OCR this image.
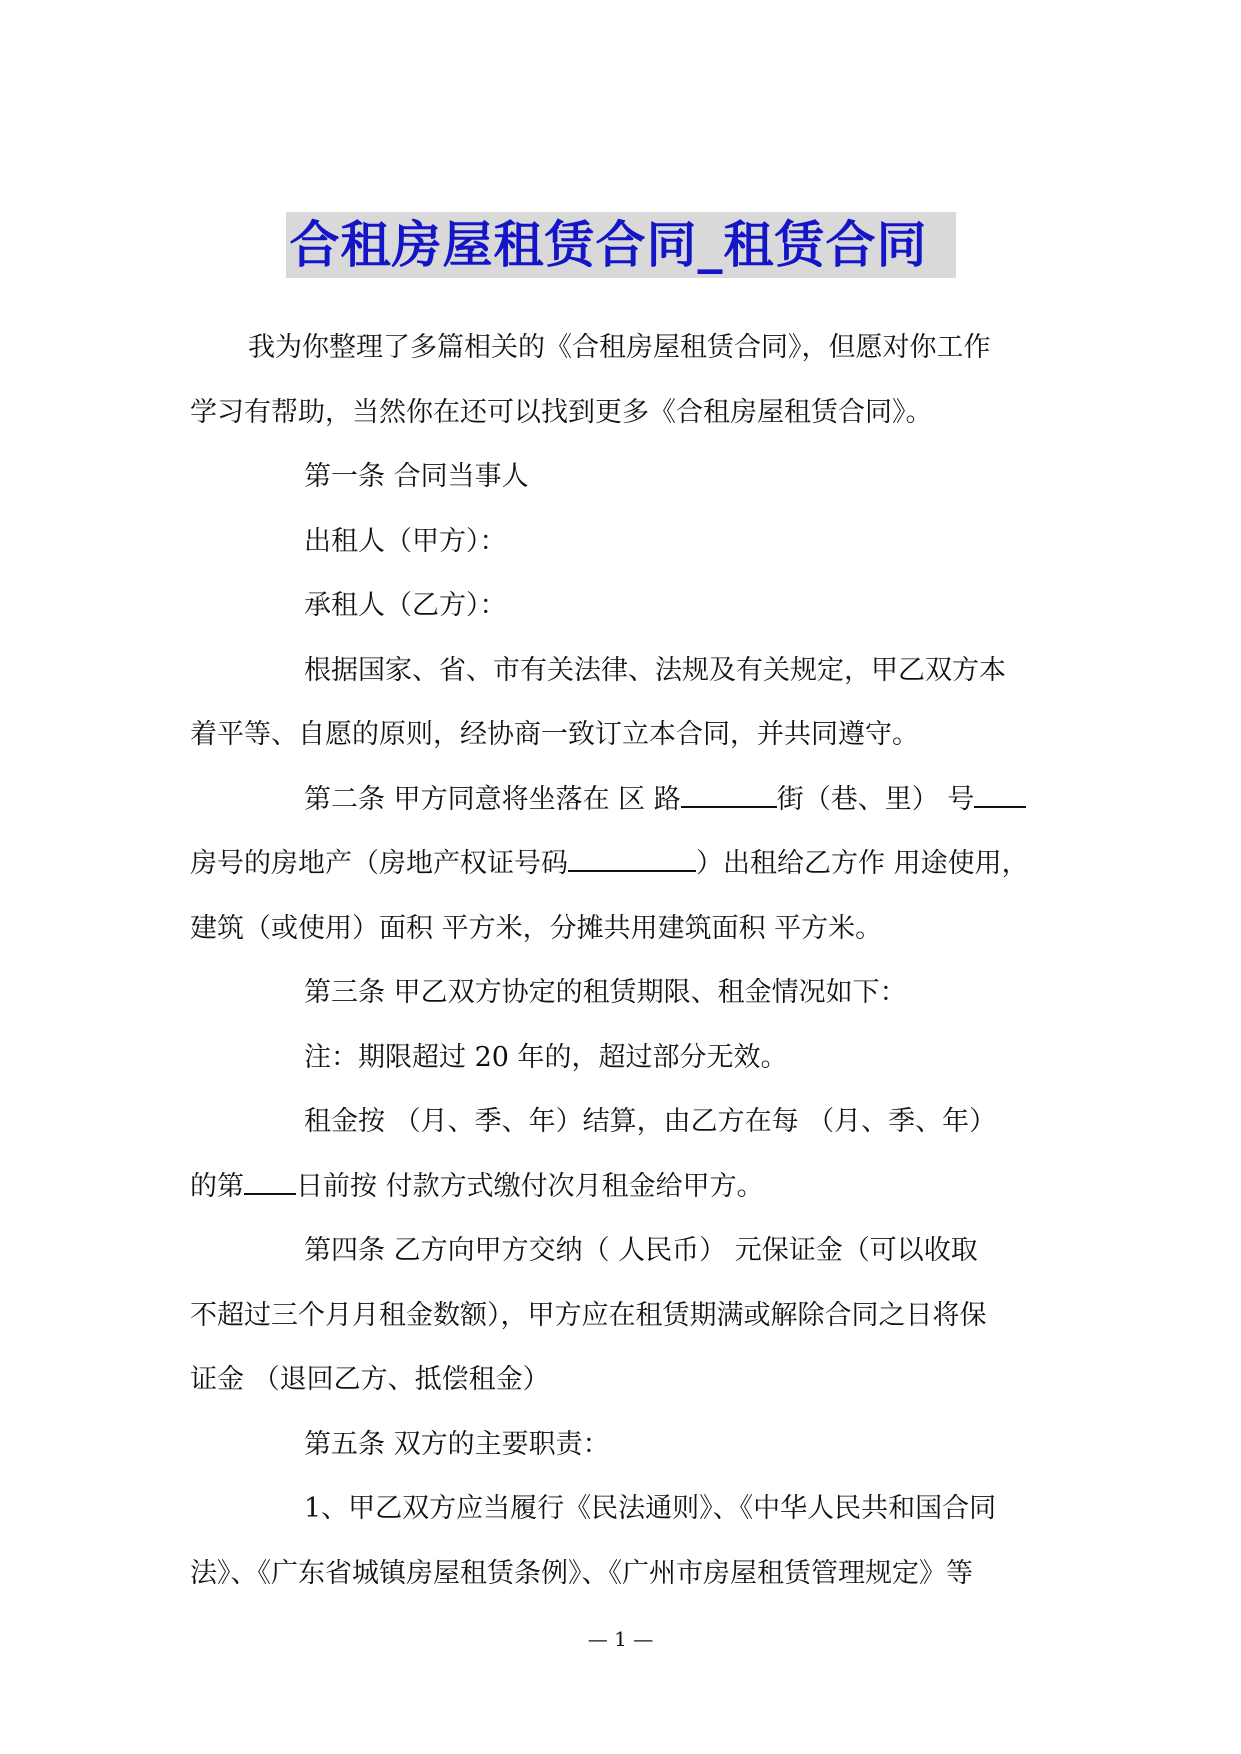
合租房屋租赁合同_租赁合同

我为你整理了多篇相关的《合租房屋租赁合同》，但愿对你工作

学习有帮助，当然你在还可以找到更多《合租房屋租赁合同》。

第一条 合同当事人

出租人（甲方）：

承租人（乙方）：

根据国家、省、市有关法律、法规及有关规定，甲乙双方本

着平等、自愿的原则，经协商一致订立本合同，并共同遵守。

第二条 甲方同意将坐落在 区 路	街（巷、里） 号

房号的房地产（房地产权证号码	）出租给乙方作 用途使用，

建筑（或使用）面积 平方米，分摊共用建筑面积 平方米。

第三条 甲乙双方协定的租赁期限、租金情况如下：

注：期限超过 20 年的，超过部分无效。

租金按 （月、季、年）结算，由乙方在每 （月、季、年）

的第 日前按 付款方式缴付次月租金给甲方。

第四条 乙方向甲方交纳（ 人民币） 元保证金（可以收取

不超过三个月月租金数额），甲方应在租赁期满或解除合同之日将保

证金 （退回乙方、抵偿租金）

第五条 双方的主要职责：

1、甲乙双方应当履行《民法通则》、《中华人民共和国合同

法》、《广东省城镇房屋租赁条例》、《广州市房屋租赁管理规定》等

— 1 —
